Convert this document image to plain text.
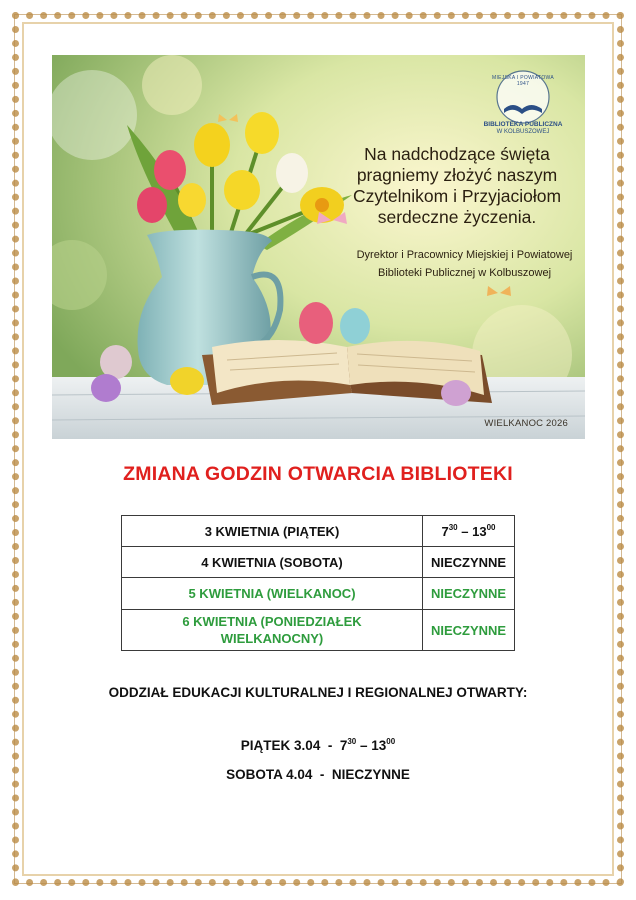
MIEJSKA I POWIATOWA
1947
BIBLIOTEKA PUBLICZNA
W KOLBUSZOWEJ
Na nadchodzące święta
pragniemy złożyć naszym
Czytelnikom i Przyjaciołom
serdeczne życzenia.
Dyrektor i Pracownicy Miejskiej i Powiatowej
Biblioteki Publicznej w Kolbuszowej
WIELKANOC 2026
ZMIANA GODZIN OTWARCIA BIBLIOTEKI
3 KWIETNIA (PIĄTEK)	$7^{30} - 13^{00}$
4 KWIETNIA (SOBOTA)	NIECZYNNE
5 KWIETNIA (WIELKANOC)	NIECZYNNE
6 KWIETNIA (PONIEDZIAŁEK
WIELKANOCNY)	NIECZYNNE
ODDZIAŁ EDUKACJI KULTURALNEJ I REGIONALNEJ OTWARTY:
PIĄTEK $3.04 - 7^{30} - 13^{00}$
SOBOTA 4.04  -  NIECZYNNE
